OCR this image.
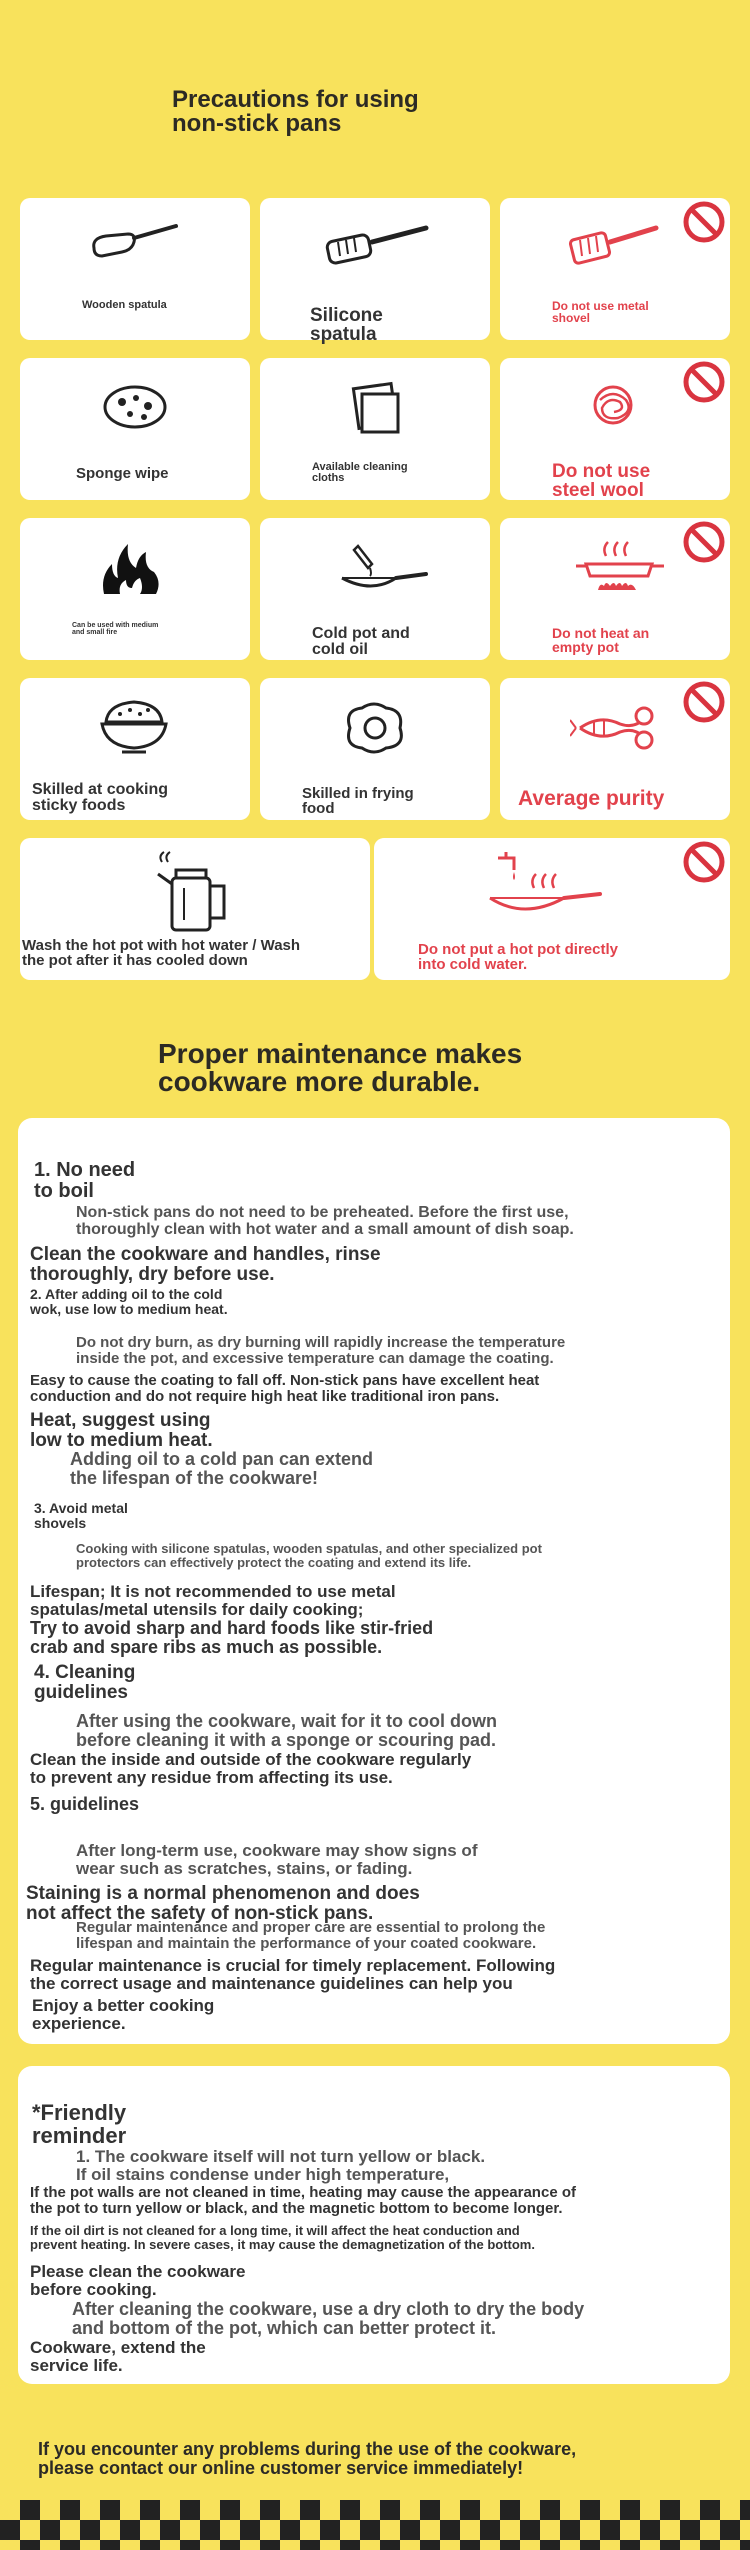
Precautions for using
non-stick pans
Wooden spatula	Silicone
spatula
Do not use metal
shovel
Sponge wipe	Available cleaning
cloths	Do not use
steel wool
Can be used with medium
and small fire	Cold pot and
cold oil
Do not heat an
empty pot
Skilled at cooking
sticky foods
Skilled in frying
food	Average purity
Wash the hot pot with hot water / Wash
the pot after it has cooled down
Do not put a hot pot directly
into cold water.
Proper maintenance makes
cookware more durable.
1. No need
to boil
Non-stick pans do not need to be preheated. Before the first use,
thoroughly clean with hot water and a small amount of dish soap.
Clean the cookware and handles, rinse
thoroughly, dry before use.
2. After adding oil to the cold
wok, use low to medium heat.
Do not dry burn, as dry burning will rapidly increase the temperature
inside the pot, and excessive temperature can damage the coating.
Easy to cause the coating to fall off. Non-stick pans have excellent heat
conduction and do not require high heat like traditional iron pans.
Heat, suggest using
low to medium heat.
Adding oil to a cold pan can extend
the lifespan of the cookware!
3. Avoid metal
shovels
Cooking with silicone spatulas, wooden spatulas, and other specialized pot
protectors can effectively protect the coating and extend its life.
Lifespan; It is not recommended to use metal
spatulas/metal utensils for daily cooking;
Try to avoid sharp and hard foods like stir-fried
crab and spare ribs as much as possible.
4. Cleaning
guidelines
After using the cookware, wait for it to cool down
before cleaning it with a sponge or scouring pad.
Clean the inside and outside of the cookware regularly
to prevent any residue from affecting its use.
5. guidelines
After long-term use, cookware may show signs of
wear such as scratches, stains, or fading.
Staining is a normal phenomenon and does
not affect the safety of non-stick pans.
Regular maintenance and proper care are essential to prolong the
lifespan and maintain the performance of your coated cookware.
Regular maintenance is crucial for timely replacement. Following
the correct usage and maintenance guidelines can help you
Enjoy a better cooking
experience.
*Friendly
reminder
1. The cookware itself will not turn yellow or black.
If oil stains condense under high temperature,
If the pot walls are not cleaned in time, heating may cause the appearance of
the pot to turn yellow or black, and the magnetic bottom to become longer.
If the oil dirt is not cleaned for a long time, it will affect the heat conduction and
prevent heating. In severe cases, it may cause the demagnetization of the bottom.
Please clean the cookware
before cooking.
After cleaning the cookware, use a dry cloth to dry the body
and bottom of the pot, which can better protect it.
Cookware, extend the
service life.
If you encounter any problems during the use of the cookware,
please contact our online customer service immediately!
